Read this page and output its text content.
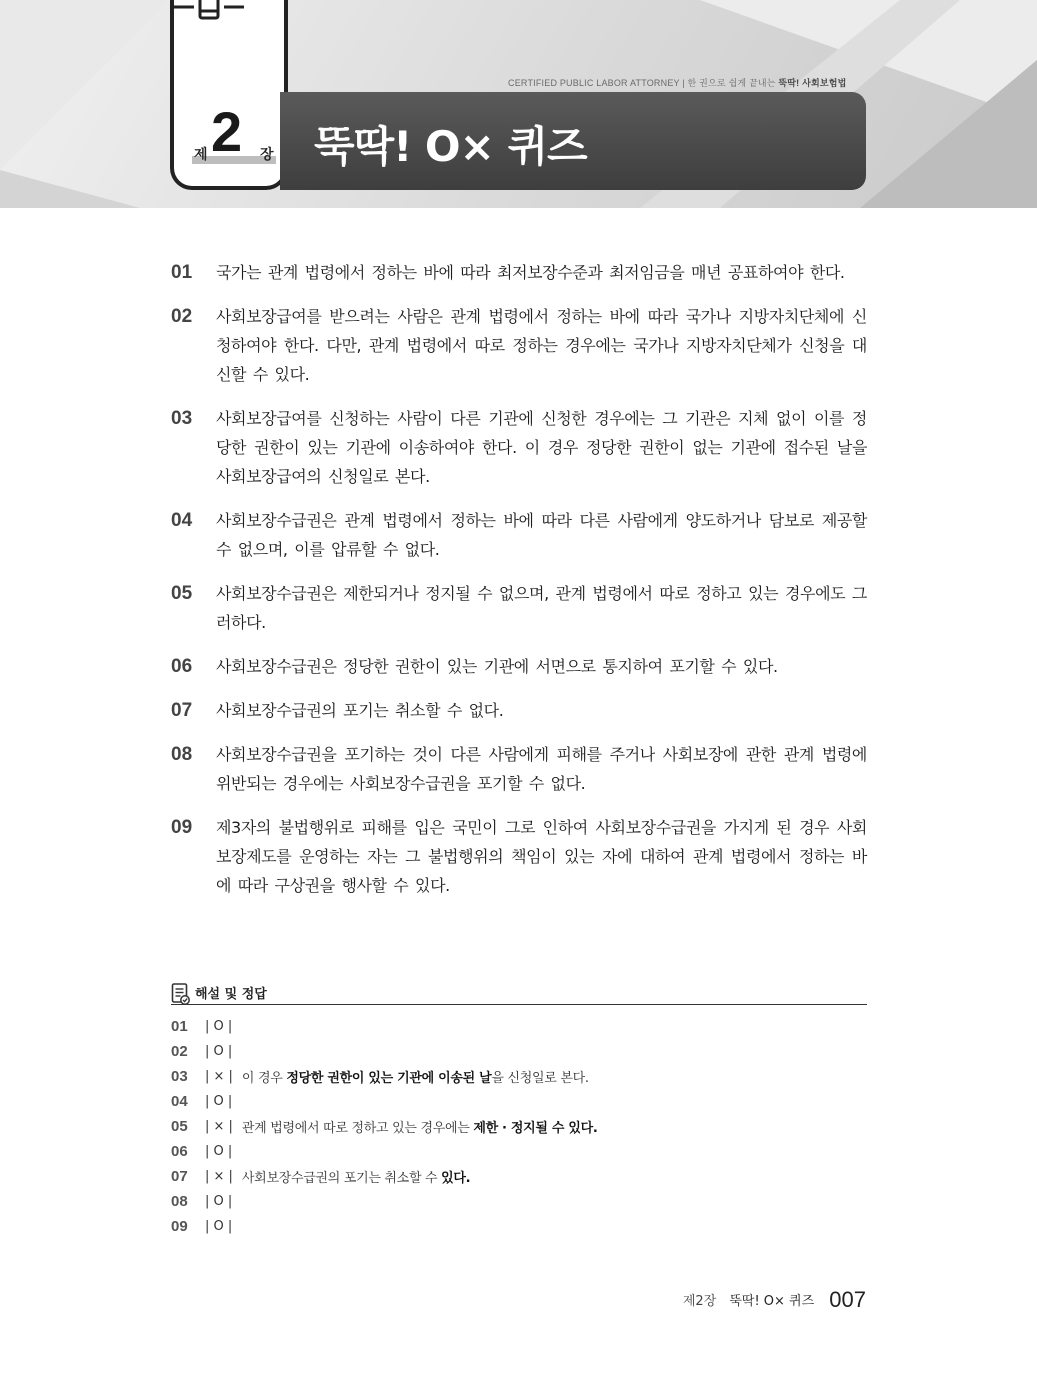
제 2 장
CERTIFIED PUBLIC LABOR ATTORNEY | 한 권으로 쉽게 끝내는 뚝딱! 사회보험법
뚝딱! O× 퀴즈
01	국가는 관계 법령에서 정하는 바에 따라 최저보장수준과 최저임금을 매년 공표하여야 한다.
02	사회보장급여를 받으려는 사람은 관계 법령에서 정하는 바에 따라 국가나 지방자치단체에 신청하여야 한다. 다만, 관계 법령에서 따로 정하는 경우에는 국가나 지방자치단체가 신청을 대신할 수 있다.
03	사회보장급여를 신청하는 사람이 다른 기관에 신청한 경우에는 그 기관은 지체 없이 이를 정당한 권한이 있는 기관에 이송하여야 한다. 이 경우 정당한 권한이 없는 기관에 접수된 날을 사회보장급여의 신청일로 본다.
04	사회보장수급권은 관계 법령에서 정하는 바에 따라 다른 사람에게 양도하거나 담보로 제공할 수 없으며, 이를 압류할 수 없다.
05	사회보장수급권은 제한되거나 정지될 수 없으며, 관계 법령에서 따로 정하고 있는 경우에도 그러하다.
06	사회보장수급권은 정당한 권한이 있는 기관에 서면으로 통지하여 포기할 수 있다.
07	사회보장수급권의 포기는 취소할 수 없다.
08	사회보장수급권을 포기하는 것이 다른 사람에게 피해를 주거나 사회보장에 관한 관계 법령에 위반되는 경우에는 사회보장수급권을 포기할 수 없다.
09	제3자의 불법행위로 피해를 입은 국민이 그로 인하여 사회보장수급권을 가지게 된 경우 사회보장제도를 운영하는 자는 그 불법행위의 책임이 있는 자에 대하여 관계 법령에서 정하는 바에 따라 구상권을 행사할 수 있다.
해설 및 정답
01	| O |
02	| O |
03	| × | 이 경우 정당한 권한이 있는 기관에 이송된 날을 신청일로 본다.
04	| O |
05	| × | 관계 법령에서 따로 정하고 있는 경우에는 제한 · 정지될 수 있다.
06	| O |
07	| × | 사회보장수급권의 포기는 취소할 수 있다.
08	| O |
09	| O |
제2장 뚝딱! O× 퀴즈 007
